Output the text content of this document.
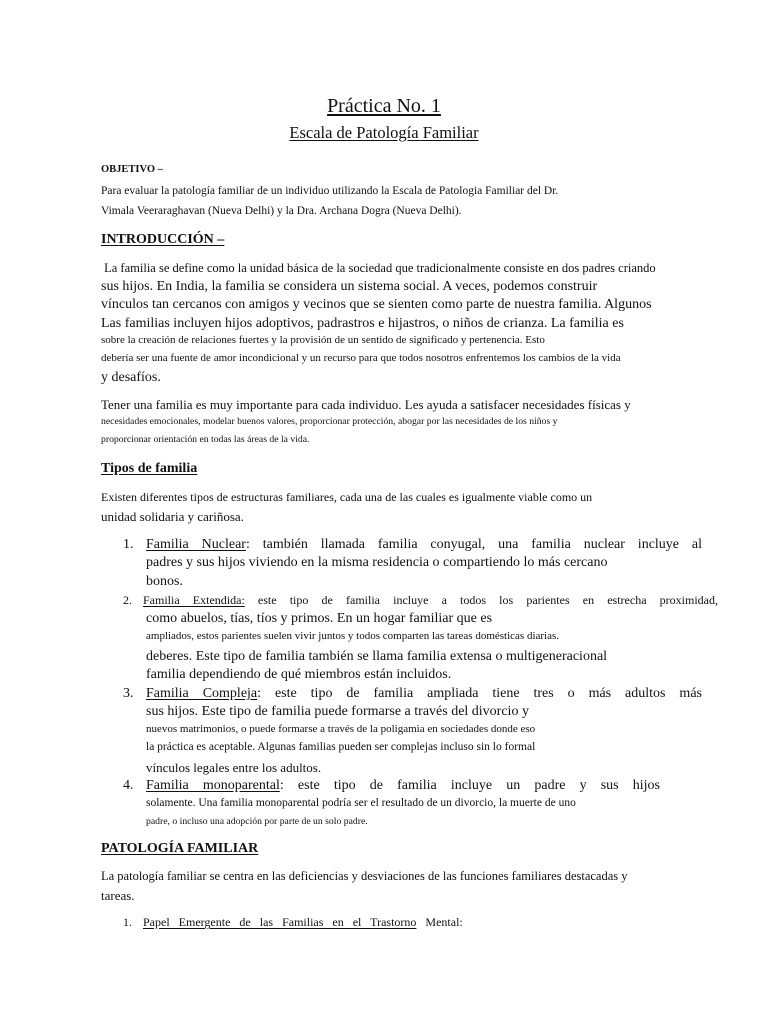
Práctica No. 1
Escala de Patología Familiar
OBJETIVO –
Para evaluar la patología familiar de un individuo utilizando la Escala de Patologia Familiar del Dr.
Vimala Veeraraghavan (Nueva Delhi) y la Dra. Archana Dogra (Nueva Delhi).
INTRODUCCIÓN –
La familia se define como la unidad básica de la sociedad que tradicionalmente consiste en dos padres criando
sus hijos. En India, la familia se considera un sistema social. A veces, podemos construir
vínculos tan cercanos con amigos y vecinos que se sienten como parte de nuestra familia. Algunos
Las familias incluyen hijos adoptivos, padrastros e hijastros, o niños de crianza. La familia es
sobre la creación de relaciones fuertes y la provisión de un sentido de significado y pertenencia. Esto
debería ser una fuente de amor incondicional y un recurso para que todos nosotros enfrentemos los cambios de la vida
y desafíos.
Tener una familia es muy importante para cada individuo. Les ayuda a satisfacer necesidades físicas y
necesidades emocionales, modelar buenos valores, proporcionar protección, abogar por las necesidades de los niños y
proporcionar orientación en todas las áreas de la vida.
Tipos de familia
Existen diferentes tipos de estructuras familiares, cada una de las cuales es igualmente viable como un
unidad solidaria y cariñosa.
1. Familia Nuclear: también llamada familia conyugal, una familia nuclear incluye al
padres y sus hijos viviendo en la misma residencia o compartiendo lo más cercano
bonos.
2. Familia Extendida: este tipo de familia incluye a todos los parientes en estrecha proximidad,
como abuelos, tías, tíos y primos. En un hogar familiar que es
ampliados, estos parientes suelen vivir juntos y todos comparten las tareas domésticas diarias.
deberes. Este tipo de familia también se llama familia extensa o multigeneracional
familia dependiendo de qué miembros están incluidos.
3. Familia Compleja: este tipo de familia ampliada tiene tres o más adultos más
sus hijos. Este tipo de familia puede formarse a través del divorcio y
nuevos matrimonios, o puede formarse a través de la poligamia en sociedades donde eso
la práctica es aceptable. Algunas familias pueden ser complejas incluso sin lo formal
vínculos legales entre los adultos.
4. Familia monoparental: este tipo de familia incluye un padre y sus hijos
solamente. Una familia monoparental podría ser el resultado de un divorcio, la muerte de uno
padre, o incluso una adopción por parte de un solo padre.
PATOLOGÍA FAMILIAR
La patología familiar se centra en las deficiencias y desviaciones de las funciones familiares destacadas y
tareas.
1. Papel Emergente de las Familias en el Trastorno Mental:
